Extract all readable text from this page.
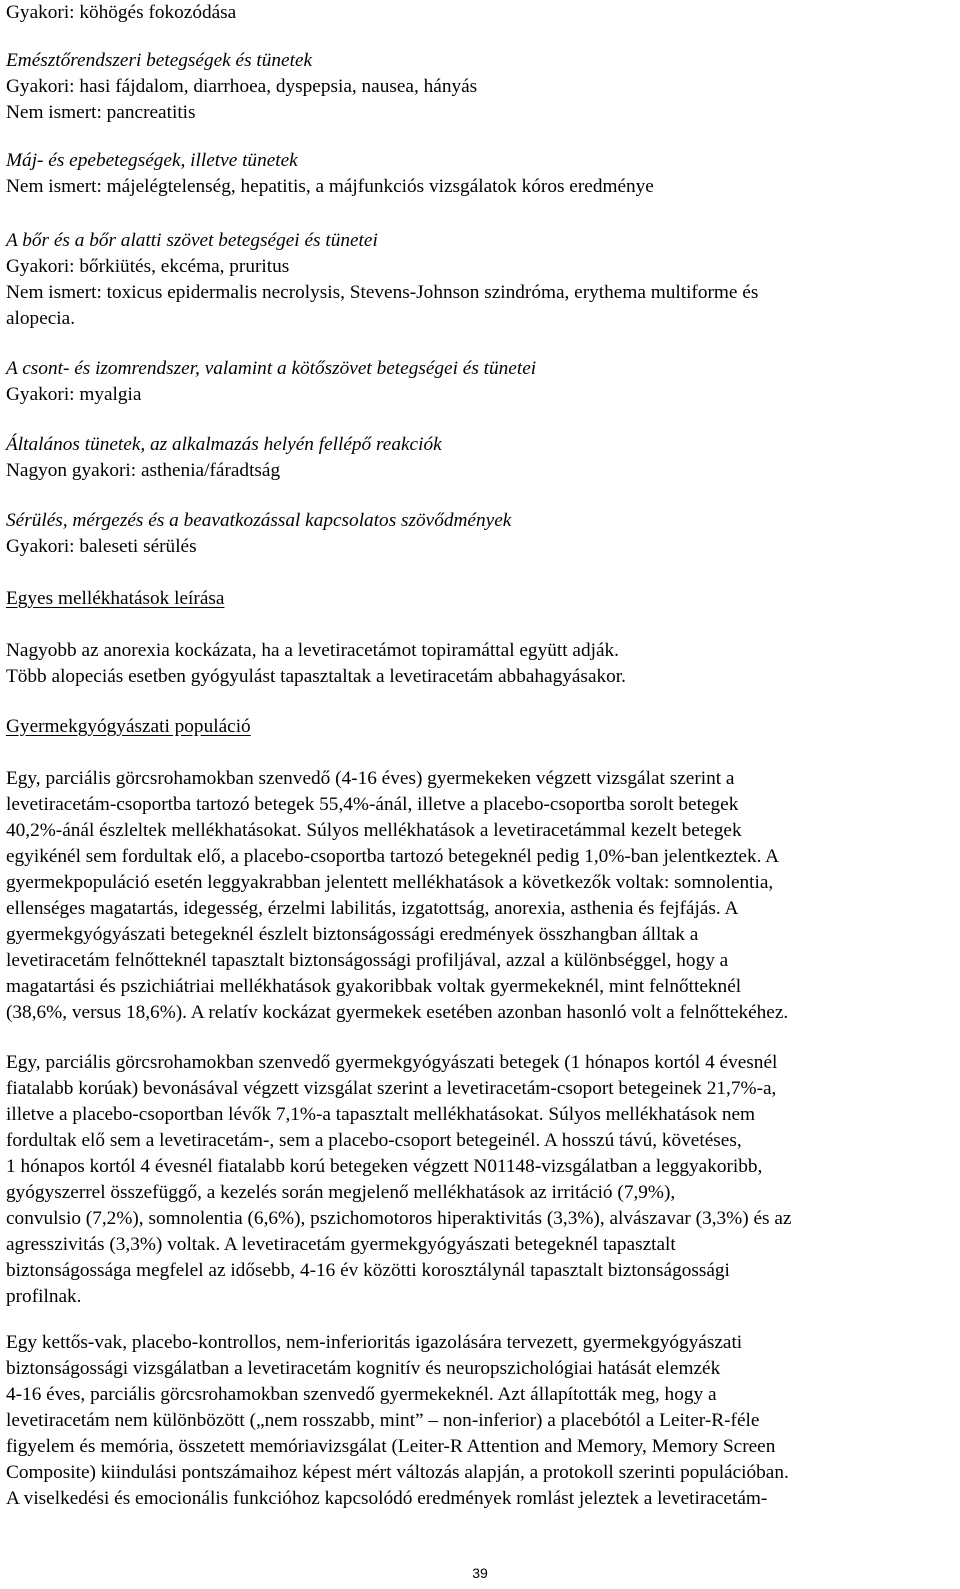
Gyakori: köhögés fokozódása
Emésztőrendszeri betegségek és tünetek
Gyakori: hasi fájdalom, diarrhoea, dyspepsia, nausea, hányás
Nem ismert: pancreatitis
Máj- és epebetegségek, illetve tünetek
Nem ismert: májelégtelenség, hepatitis, a májfunkciós vizsgálatok kóros eredménye
A bőr és a bőr alatti szövet betegségei és tünetei
Gyakori: bőrkiütés, ekcéma, pruritus
Nem ismert: toxicus epidermalis necrolysis, Stevens-Johnson szindróma, erythema multiforme és
alopecia.
A csont- és izomrendszer, valamint a kötőszövet betegségei és tünetei
Gyakori: myalgia
Általános tünetek, az alkalmazás helyén fellépő reakciók
Nagyon gyakori: asthenia/fáradtság
Sérülés, mérgezés és a beavatkozással kapcsolatos szövődmények
Gyakori: baleseti sérülés
Egyes mellékhatások leírása
Nagyobb az anorexia kockázata, ha a levetiracetámot topiramáttal együtt adják.
Több alopeciás esetben gyógyulást tapasztaltak a levetiracetám abbahagyásakor.
Gyermekgyógyászati populáció
Egy, parciális görcsrohamokban szenvedő (4-16 éves) gyermekeken végzett vizsgálat szerint a
levetiracetám-csoportba tartozó betegek 55,4%-ánál, illetve a placebo-csoportba sorolt betegek
40,2%-ánál észleltek mellékhatásokat. Súlyos mellékhatások a levetiracetámmal kezelt betegek
egyikénél sem fordultak elő, a placebo-csoportba tartozó betegeknél pedig 1,0%-ban jelentkeztek. A
gyermekpopuláció esetén leggyakrabban jelentett mellékhatások a következők voltak: somnolentia,
ellenséges magatartás, idegesség, érzelmi labilitás, izgatottság, anorexia, asthenia és fejfájás. A
gyermekgyógyászati betegeknél észlelt biztonságossági eredmények összhangban álltak a
levetiracetám felnőtteknél tapasztalt biztonságossági profiljával, azzal a különbséggel, hogy a
magatartási és pszichiátriai mellékhatások gyakoribbak voltak gyermekeknél, mint felnőtteknél
(38,6%, versus 18,6%). A relatív kockázat gyermekek esetében azonban hasonló volt a felnőttekéhez.
Egy, parciális görcsrohamokban szenvedő gyermekgyógyászati betegek (1 hónapos kortól 4 évesnél
fiatalabb korúak) bevonásával végzett vizsgálat szerint a levetiracetám-csoport betegeinek 21,7%-a,
illetve a placebo-csoportban lévők 7,1%-a tapasztalt mellékhatásokat. Súlyos mellékhatások nem
fordultak elő sem a levetiracetám-, sem a placebo-csoport betegeinél. A hosszú távú, követéses,
1 hónapos kortól 4 évesnél fiatalabb korú betegeken végzett N01148-vizsgálatban a leggyakoribb,
gyógyszerrel összefüggő, a kezelés során megjelenő mellékhatások az irritáció (7,9%),
convulsio (7,2%), somnolentia (6,6%), pszichomotoros hiperaktivitás (3,3%), alvászavar (3,3%) és az
agresszivitás (3,3%) voltak. A levetiracetám gyermekgyógyászati betegeknél tapasztalt
biztonságossága megfelel az idősebb, 4-16 év közötti korosztálynál tapasztalt biztonságossági
profilnak.
Egy kettős-vak, placebo-kontrollos, nem-inferioritás igazolására tervezett, gyermekgyógyászati
biztonságossági vizsgálatban a levetiracetám kognitív és neuropszichológiai hatását elemzék
4-16 éves, parciális görcsrohamokban szenvedő gyermekeknél. Azt állapították meg, hogy a
levetiracetám nem különbözött („nem rosszabb, mint” – non-inferior) a placebótól a Leiter-R-féle
figyelem és memória, összetett memóriavizsgálat (Leiter-R Attention and Memory, Memory Screen
Composite) kiindulási pontszámaihoz képest mért változás alapján, a protokoll szerinti populációban.
A viselkedési és emocionális funkcióhoz kapcsolódó eredmények romlást jeleztek a levetiracetám-
39
